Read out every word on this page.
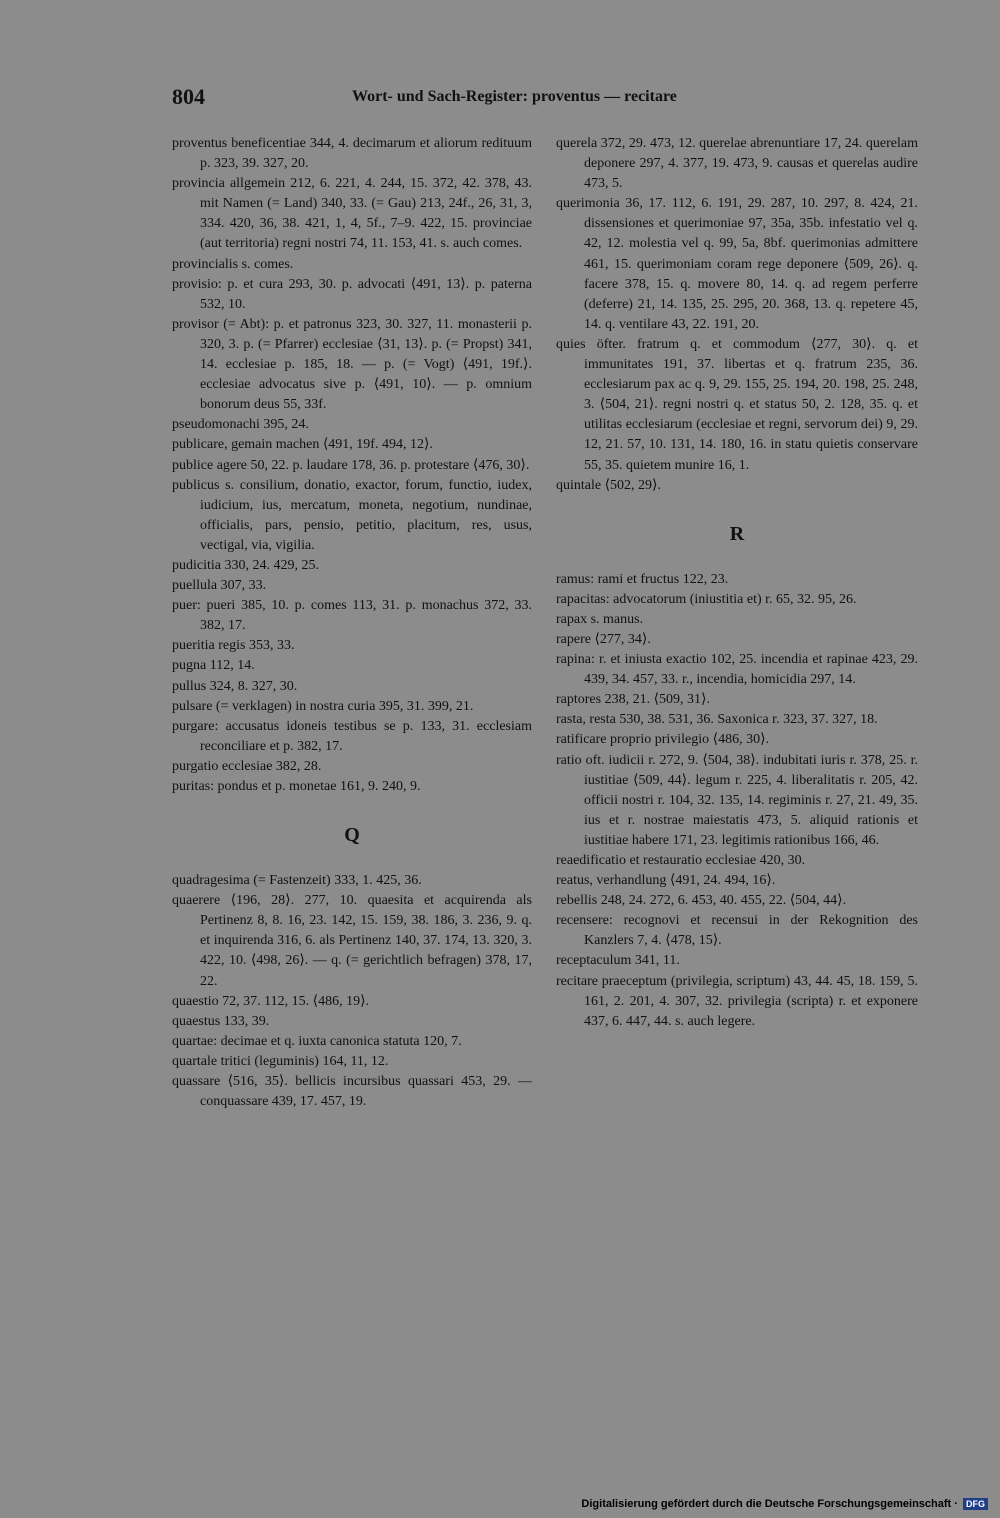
804	Wort- und Sach-Register: proventus — recitare

proventus beneficentiae 344, 4. decimarum et aliorum redituum p. 323, 39. 327, 20.

provincia allgemein 212, 6. 221, 4. 244, 15. 372, 42. 378, 43. mit Namen (= Land) 340, 33. (= Gau) 213, 24f., 26, 31, 3, 334. 420, 36, 38. 421, 1, 4, 5f., 7–9. 422, 15. provinciae (aut territoria) regni nostri 74, 11. 153, 41. s. auch comes.

provincialis s. comes.

provisio: p. et cura 293, 30. p. advocati ⟨491, 13⟩. p. paterna 532, 10.

provisor (= Abt): p. et patronus 323, 30. 327, 11. monasterii p. 320, 3. p. (= Pfarrer) ecclesiae ⟨31, 13⟩. p. (= Propst) 341, 14. ecclesiae p. 185, 18. — p. (= Vogt) ⟨491, 19f.⟩. ecclesiae advocatus sive p. ⟨491, 10⟩. — p. omnium bonorum deus 55, 33f.

pseudomonachi 395, 24.

publicare, gemain machen ⟨491, 19f. 494, 12⟩.

publice agere 50, 22. p. laudare 178, 36. p. protestare ⟨476, 30⟩.

publicus s. consilium, donatio, exactor, forum, functio, iudex, iudicium, ius, mercatum, moneta, negotium, nundinae, officialis, pars, pensio, petitio, placitum, res, usus, vectigal, via, vigilia.

pudicitia 330, 24. 429, 25.

puellula 307, 33.

puer: pueri 385, 10. p. comes 113, 31. p. monachus 372, 33. 382, 17.

pueritia regis 353, 33.

pugna 112, 14.

pullus 324, 8. 327, 30.

pulsare (= verklagen) in nostra curia 395, 31. 399, 21.

purgare: accusatus idoneis testibus se p. 133, 31. ecclesiam reconciliare et p. 382, 17.

purgatio ecclesiae 382, 28.

puritas: pondus et p. monetae 161, 9. 240, 9.

Q

quadragesima (= Fastenzeit) 333, 1. 425, 36.

quaerere ⟨196, 28⟩. 277, 10. quaesita et acquirenda als Pertinenz 8, 8. 16, 23. 142, 15. 159, 38. 186, 3. 236, 9. q. et inquirenda 316, 6. als Pertinenz 140, 37. 174, 13. 320, 3. 422, 10. ⟨498, 26⟩. — q. (= gerichtlich befragen) 378, 17, 22.

quaestio 72, 37. 112, 15. ⟨486, 19⟩.

quaestus 133, 39.

quartae: decimae et q. iuxta canonica statuta 120, 7.

quartale tritici (leguminis) 164, 11, 12.

quassare ⟨516, 35⟩. bellicis incursibus quassari 453, 29. — conquassare 439, 17. 457, 19.

querela 372, 29. 473, 12. querelae abrenuntiare 17, 24. querelam deponere 297, 4. 377, 19. 473, 9. causas et querelas audire 473, 5.

querimonia 36, 17. 112, 6. 191, 29. 287, 10. 297, 8. 424, 21. dissensiones et querimoniae 97, 35a, 35b. infestatio vel q. 42, 12. molestia vel q. 99, 5a, 8bf. querimonias admittere 461, 15. querimoniam coram rege deponere ⟨509, 26⟩. q. facere 378, 15. q. movere 80, 14. q. ad regem perferre (deferre) 21, 14. 135, 25. 295, 20. 368, 13. q. repetere 45, 14. q. ventilare 43, 22. 191, 20.

quies öfter. fratrum q. et commodum ⟨277, 30⟩. q. et immunitates 191, 37. libertas et q. fratrum 235, 36. ecclesiarum pax ac q. 9, 29. 155, 25. 194, 20. 198, 25. 248, 3. ⟨504, 21⟩. regni nostri q. et status 50, 2. 128, 35. q. et utilitas ecclesiarum (ecclesiae et regni, servorum dei) 9, 29. 12, 21. 57, 10. 131, 14. 180, 16. in statu quietis conservare 55, 35. quietem munire 16, 1.

quintale ⟨502, 29⟩.

R

ramus: rami et fructus 122, 23.

rapacitas: advocatorum (iniustitia et) r. 65, 32. 95, 26.

rapax s. manus.

rapere ⟨277, 34⟩.

rapina: r. et iniusta exactio 102, 25. incendia et rapinae 423, 29. 439, 34. 457, 33. r., incendia, homicidia 297, 14.

raptores 238, 21. ⟨509, 31⟩.

rasta, resta 530, 38. 531, 36. Saxonica r. 323, 37. 327, 18.

ratificare proprio privilegio ⟨486, 30⟩.

ratio oft. iudicii r. 272, 9. ⟨504, 38⟩. indubitati iuris r. 378, 25. r. iustitiae ⟨509, 44⟩. legum r. 225, 4. liberalitatis r. 205, 42. officii nostri r. 104, 32. 135, 14. regiminis r. 27, 21. 49, 35. ius et r. nostrae maiestatis 473, 5. aliquid rationis et iustitiae habere 171, 23. legitimis rationibus 166, 46.

reaedificatio et restauratio ecclesiae 420, 30.

reatus, verhandlung ⟨491, 24. 494, 16⟩.

rebellis 248, 24. 272, 6. 453, 40. 455, 22. ⟨504, 44⟩.

recensere: recognovi et recensui in der Rekognition des Kanzlers 7, 4. ⟨478, 15⟩.

receptaculum 341, 11.

recitare praeceptum (privilegia, scriptum) 43, 44. 45, 18. 159, 5. 161, 2. 201, 4. 307, 32. privilegia (scripta) r. et exponere 437, 6. 447, 44. s. auch legere.

Digitalisierung gefördert durch die Deutsche Forschungsgemeinschaft · DFG
